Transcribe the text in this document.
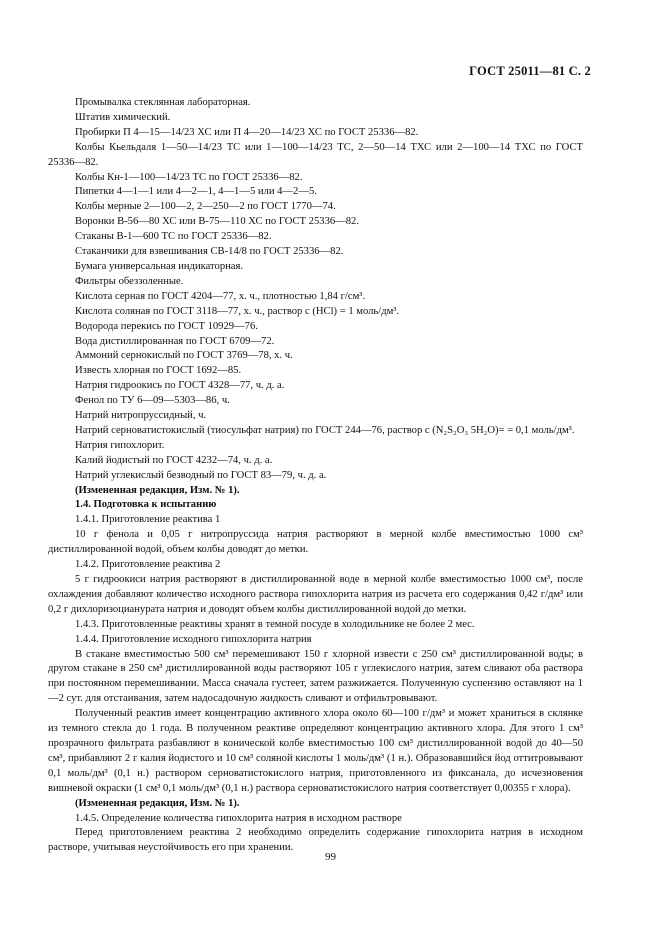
ГОСТ 25011—81 С. 2
Промывалка стеклянная лабораторная.
Штатив химический.
Пробирки П 4—15—14/23 ХС или П 4—20—14/23 ХС по ГОСТ 25336—82.
Колбы Кьельдаля 1—50—14/23 ТС или 1—100—14/23 ТС, 2—50—14 ТХС или 2—100—14 ТХС по ГОСТ 25336—82.
Колбы Кн-1—100—14/23 ТС по ГОСТ 25336—82.
Пипетки 4—1—1 или 4—2—1, 4—1—5 или 4—2—5.
Колбы мерные 2—100—2, 2—250—2 по ГОСТ 1770—74.
Воронки В-56—80 ХС или В-75—110 ХС по ГОСТ 25336—82.
Стаканы В-1—600 ТС по ГОСТ 25336—82.
Стаканчики для взвешивания СВ-14/8 по ГОСТ 25336—82.
Бумага универсальная индикаторная.
Фильтры обеззоленные.
Кислота серная по ГОСТ 4204—77, х. ч., плотностью 1,84 г/см³.
Кислота соляная по ГОСТ 3118—77, х. ч., раствор c (HCl) = 1 моль/дм³.
Водорода перекись по ГОСТ 10929—76.
Вода дистиллированная по ГОСТ 6709—72.
Аммоний сернокислый по ГОСТ 3769—78, х. ч.
Известь хлорная по ГОСТ 1692—85.
Натрия гидроокись по ГОСТ 4328—77, ч. д. а.
Фенол по ТУ 6—09—5303—86, ч.
Натрий нитропруссидный, ч.
Натрий серноватистокислый (тиосульфат натрия) по ГОСТ 244—76, раствор c (N₂S₂O₃ 5H₂O)= = 0,1 моль/дм³.
Натрия гипохлорит.
Калий йодистый по ГОСТ 4232—74, ч. д. а.
Натрий углекислый безводный по ГОСТ 83—79, ч. д. а.
(Измененная редакция, Изм. № 1).
1.4. Подготовка к испытанию
1.4.1. Приготовление реактива 1
10 г фенола и 0,05 г нитропруссида натрия растворяют в мерной колбе вместимостью 1000 см³ дистиллированной водой, объем колбы доводят до метки.
1.4.2. Приготовление реактива 2
5 г гидроокиси натрия растворяют в дистиллированной воде в мерной колбе вместимостью 1000 см³, после охлаждения добавляют количество исходного раствора гипохлорита натрия из расчета его содержания 0,42 г/дм³ или 0,2 г дихлоризоцианурата натрия и доводят объем колбы дистиллированной водой до метки.
1.4.3. Приготовленные реактивы хранят в темной посуде в холодильнике не более 2 мес.
1.4.4. Приготовление исходного гипохлорита натрия
В стакане вместимостью 500 см³ перемешивают 150 г хлорной извести с 250 см³ дистиллированной воды; в другом стакане в 250 см³ дистиллированной воды растворяют 105 г углекислого натрия, затем сливают оба раствора при постоянном перемешивании. Масса сначала густеет, затем разжижается. Полученную суспензию оставляют на 1—2 сут. для отстаивания, затем надосадочную жидкость сливают и отфильтровывают.
Полученный реактив имеет концентрацию активного хлора около 60—100 г/дм³ и может храниться в склянке из темного стекла до 1 года. В полученном реактиве определяют концентрацию активного хлора. Для этого 1 см³ прозрачного фильтрата разбавляют в конической колбе вместимостью 100 см³ дистиллированной водой до 40—50 см³, прибавляют 2 г калия йодистого и 10 см³ соляной кислоты 1 моль/дм³ (1 н.). Образовавшийся йод оттитровывают 0,1 моль/дм³ (0,1 н.) раствором серноватистокислого натрия, приготовленного из фиксанала, до исчезновения вишневой окраски (1 см³ 0,1 моль/дм³ (0,1 н.) раствора серноватистокислого натрия соответствует 0,00355 г хлора).
(Измененная редакция, Изм. № 1).
1.4.5. Определение количества гипохлорита натрия в исходном растворе
Перед приготовлением реактива 2 необходимо определить содержание гипохлорита натрия в исходном растворе, учитывая неустойчивость его при хранении.
99
